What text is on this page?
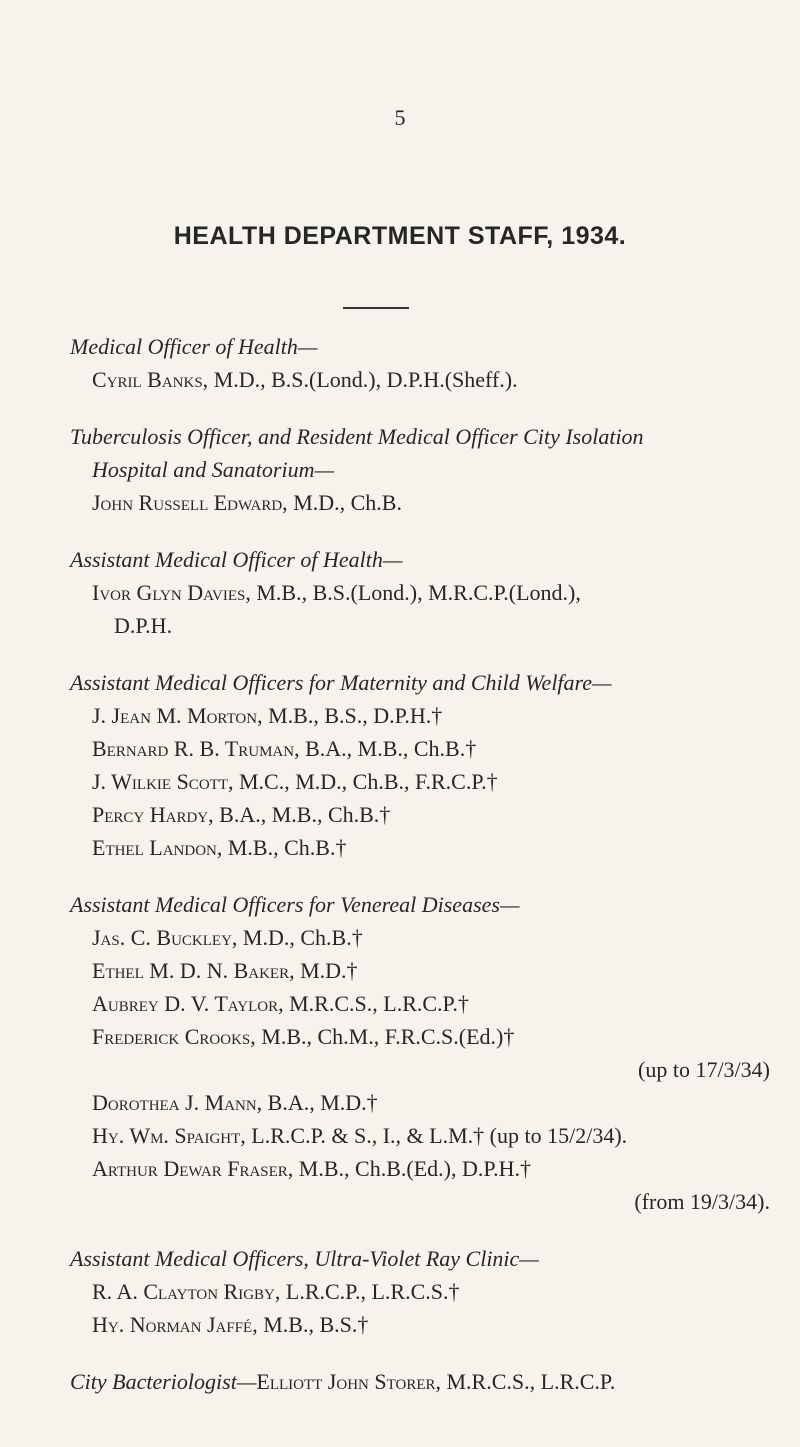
5
HEALTH DEPARTMENT STAFF, 1934.
Medical Officer of Health—
Cyril Banks, M.D., B.S.(Lond.), D.P.H.(Sheff.).
Tuberculosis Officer, and Resident Medical Officer City Isolation
Hospital and Sanatorium—
John Russell Edward, M.D., Ch.B.
Assistant Medical Officer of Health—
Ivor Glyn Davies, M.B., B.S.(Lond.), M.R.C.P.(Lond.),
D.P.H.
Assistant Medical Officers for Maternity and Child Welfare—
J. Jean M. Morton, M.B., B.S., D.P.H.†
Bernard R. B. Truman, B.A., M.B., Ch.B.†
J. Wilkie Scott, M.C., M.D., Ch.B., F.R.C.P.†
Percy Hardy, B.A., M.B., Ch.B.†
Ethel Landon, M.B., Ch.B.†
Assistant Medical Officers for Venereal Diseases—
Jas. C. Buckley, M.D., Ch.B.†
Ethel M. D. N. Baker, M.D.†
Aubrey D. V. Taylor, M.R.C.S., L.R.C.P.†
Frederick Crooks, M.B., Ch.M., F.R.C.S.(Ed.)†
(up to 17/3/34)
Dorothea J. Mann, B.A., M.D.†
Hy. Wm. Spaight, L.R.C.P. & S., I., & L.M.† (up to 15/2/34).
Arthur Dewar Fraser, M.B., Ch.B.(Ed.), D.P.H.†
(from 19/3/34).
Assistant Medical Officers, Ultra-Violet Ray Clinic—
R. A. Clayton Rigby, L.R.C.P., L.R.C.S.†
Hy. Norman Jaffé, M.B., B.S.†
City Bacteriologist—Elliott John Storer, M.R.C.S., L.R.C.P.
